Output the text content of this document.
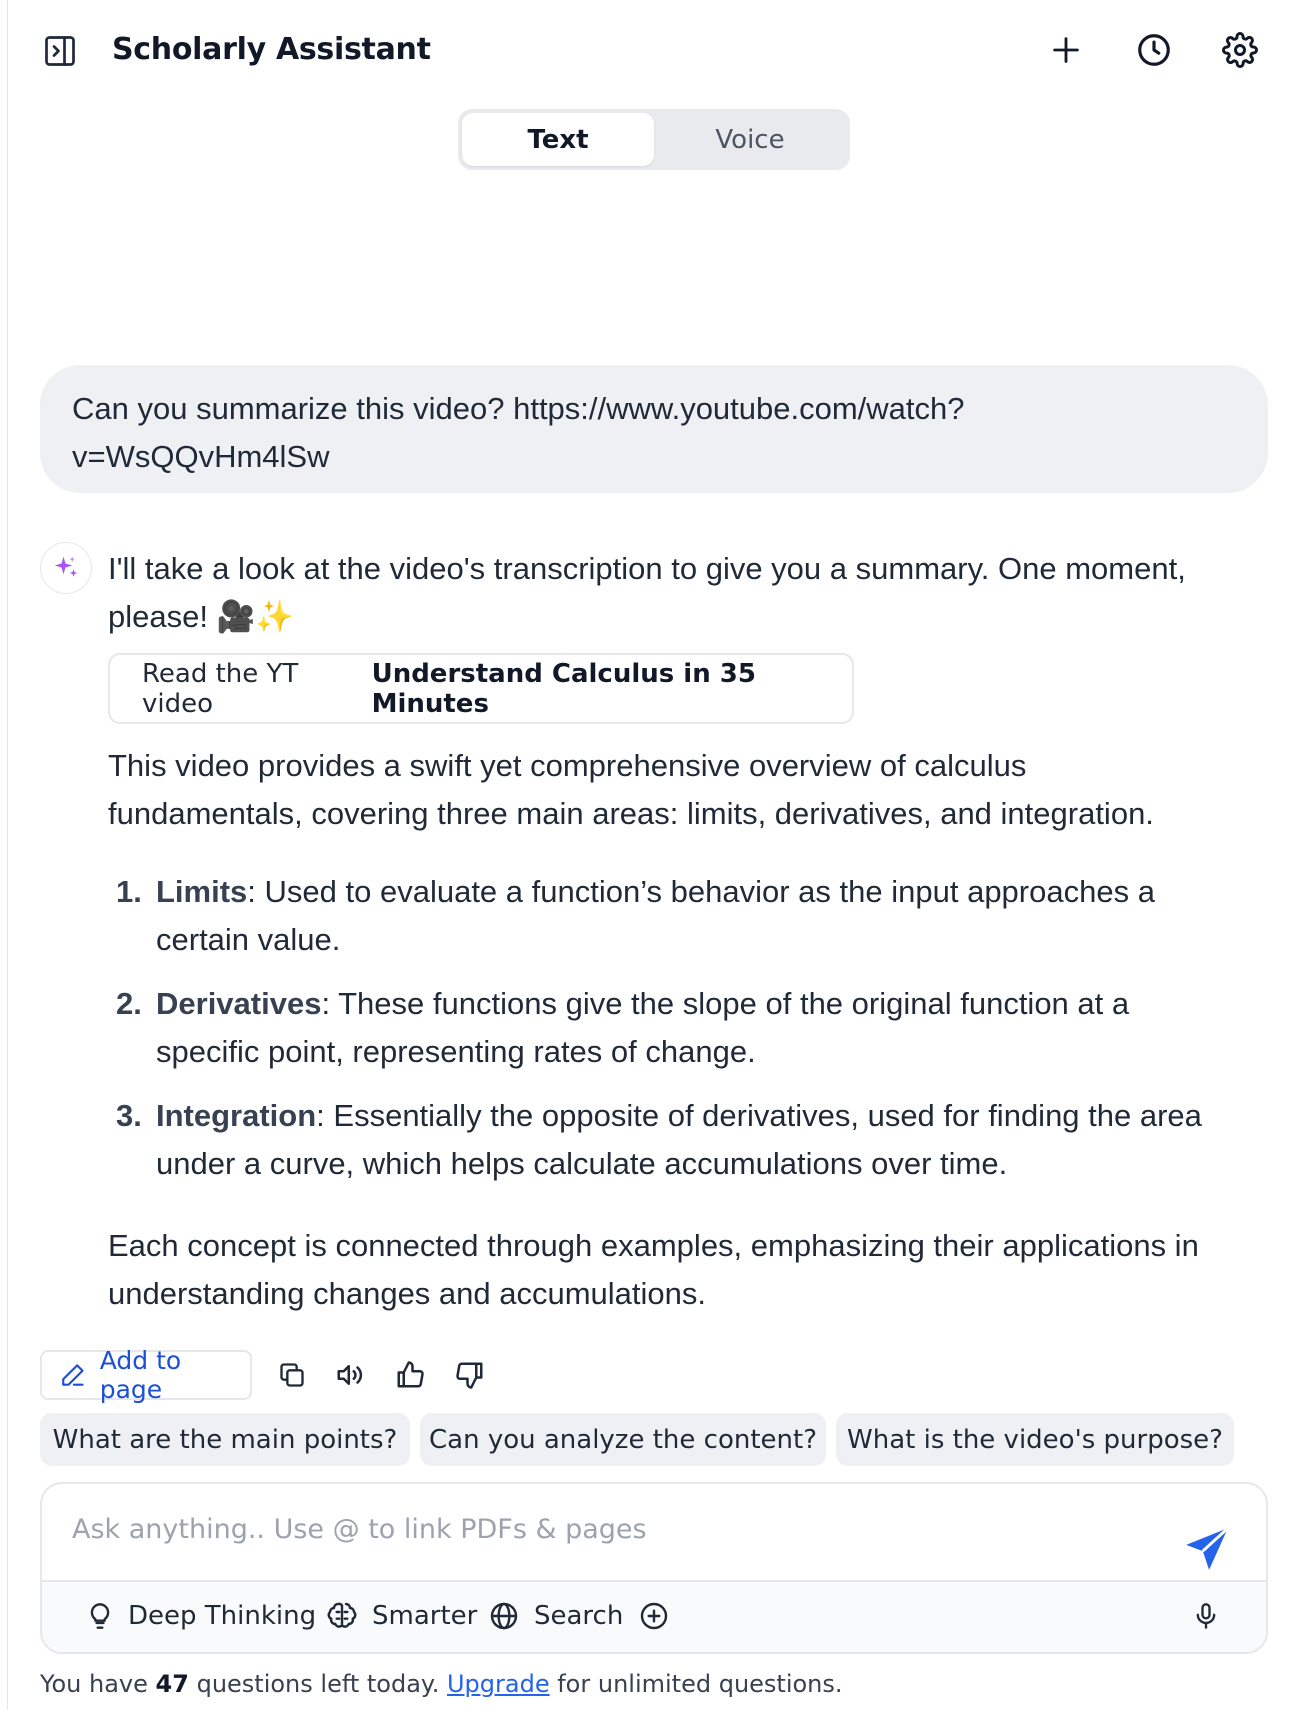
Scholarly Assistant
Text	Voice
Can you summarize this video? https://www.youtube.com/watch?
v=WsQQvHm4lSw
I'll take a look at the video's transcription to give you a summary. One moment,
please! 🎥✨
Read the YT video
Understand Calculus in 35 Minutes
This video provides a swift yet comprehensive overview of calculus
fundamentals, covering three main areas: limits, derivatives, and integration.
1. Limits: Used to evaluate a function’s behavior as the input approaches a
certain value.
2. Derivatives: These functions give the slope of the original function at a
specific point, representing rates of change.
3. Integration: Essentially the opposite of derivatives, used for finding the area
under a curve, which helps calculate accumulations over time.
Each concept is connected through examples, emphasizing their applications in
understanding changes and accumulations.
Add to page
What are the main points?	Can you analyze the content?	What is the video's purpose?
Ask anything.. Use @ to link PDFs & pages
Deep Thinking Smarter Search
You have 47 questions left today. Upgrade for unlimited questions.
